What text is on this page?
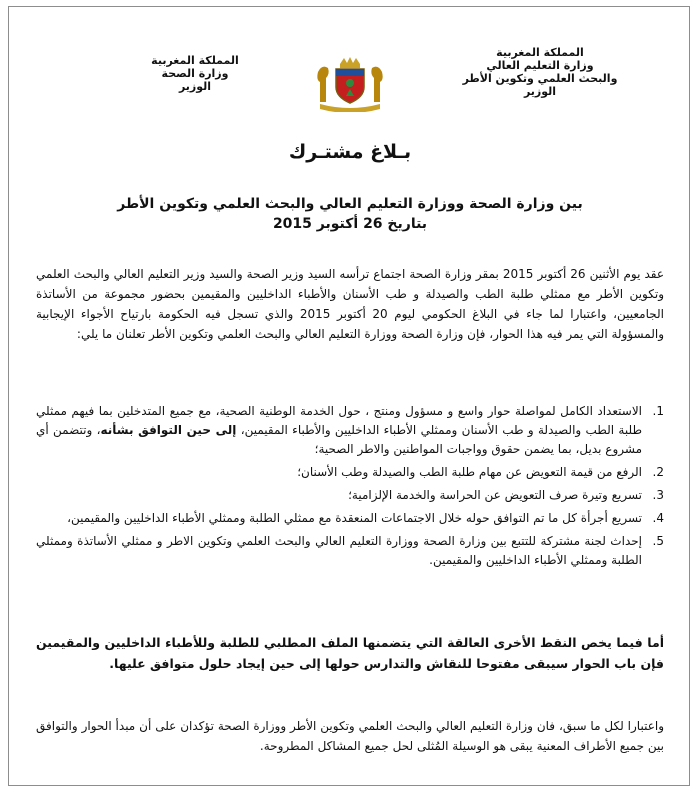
المملكة المغربية
وزارة التعليم العالي
والبحث العلمي وتكوين الأطر
الوزير
المملكة المغربية
وزارة الصحة
الوزير
بـلاغ مشتـرك
بين وزارة الصحة ووزارة التعليم العالي والبحث العلمي وتكوين الأطر
بتاريخ 26 أكتوبر 2015
عقد يوم الأثنين 26 أكتوبر 2015 بمقر وزارة الصحة اجتماع ترأسه السيد وزير الصحة والسيد وزير التعليم العالي والبحث العلمي وتكوين الأطر مع ممثلي طلبة الطب والصيدلة و طب الأسنان والأطباء الداخليين والمقيمين بحضور مجموعة من الأساتذة الجامعيين، واعتبارا لما جاء في البلاغ الحكومي ليوم 20 أكتوبر 2015 والذي تسجل فيه الحكومة بارتياح الأجواء الإيجابية والمسؤولة التي يمر فيه هذا الحوار، فإن وزارة الصحة ووزارة التعليم العالي والبحث العلمي وتكوين الأطر تعلنان ما يلي:
1.
الاستعداد الكامل لمواصلة حوار واسع و مسؤول ومنتج ، حول الخدمة الوطنية الصحية، مع جميع المتدخلين بما فيهم ممثلي طلبة الطب والصيدلة و طب الأسنان وممثلي الأطباء الداخليين والأطباء المقيمين، إلى حين التوافق بشأنه، وتتضمن أي مشروع بديل، بما يضمن حقوق وواجبات المواطنين والاطر الصحية؛
2.
الرفع من قيمة التعويض عن مهام طلبة الطب والصيدلة وطب الأسنان؛
3.
تسريع وتيرة صرف التعويض عن الحراسة والخدمة الإلزامية؛
4.
تسريع أجرأة كل ما تم التوافق حوله خلال الاجتماعات المنعقدة مع ممثلي الطلبة وممثلي الأطباء الداخليين والمقيمين،
5.
إحداث لجنة مشتركة للتتبع بين وزارة الصحة ووزارة التعليم العالي والبحث العلمي وتكوين الاطر و ممثلي الأساتذة وممثلي الطلبة وممثلي الأطباء الداخليين والمقيمين.
أما فيما يخص النقط الأخرى العالقة التي يتضمنها الملف المطلبي للطلبة وللأطباء الداخليين والمقيمين فإن باب الحوار سيبقى مفتوحا للنقاش والتدارس حولها إلى حين إيجاد حلول متوافق عليها.
واعتبارا لكل ما سبق، فان وزارة التعليم العالي والبحث العلمي وتكوين الأطر ووزارة الصحة تؤكدان على أن مبدأ الحوار والتوافق بين جميع الأطراف المعنية يبقى هو الوسيلة المُثلى لحل جميع المشاكل المطروحة.
